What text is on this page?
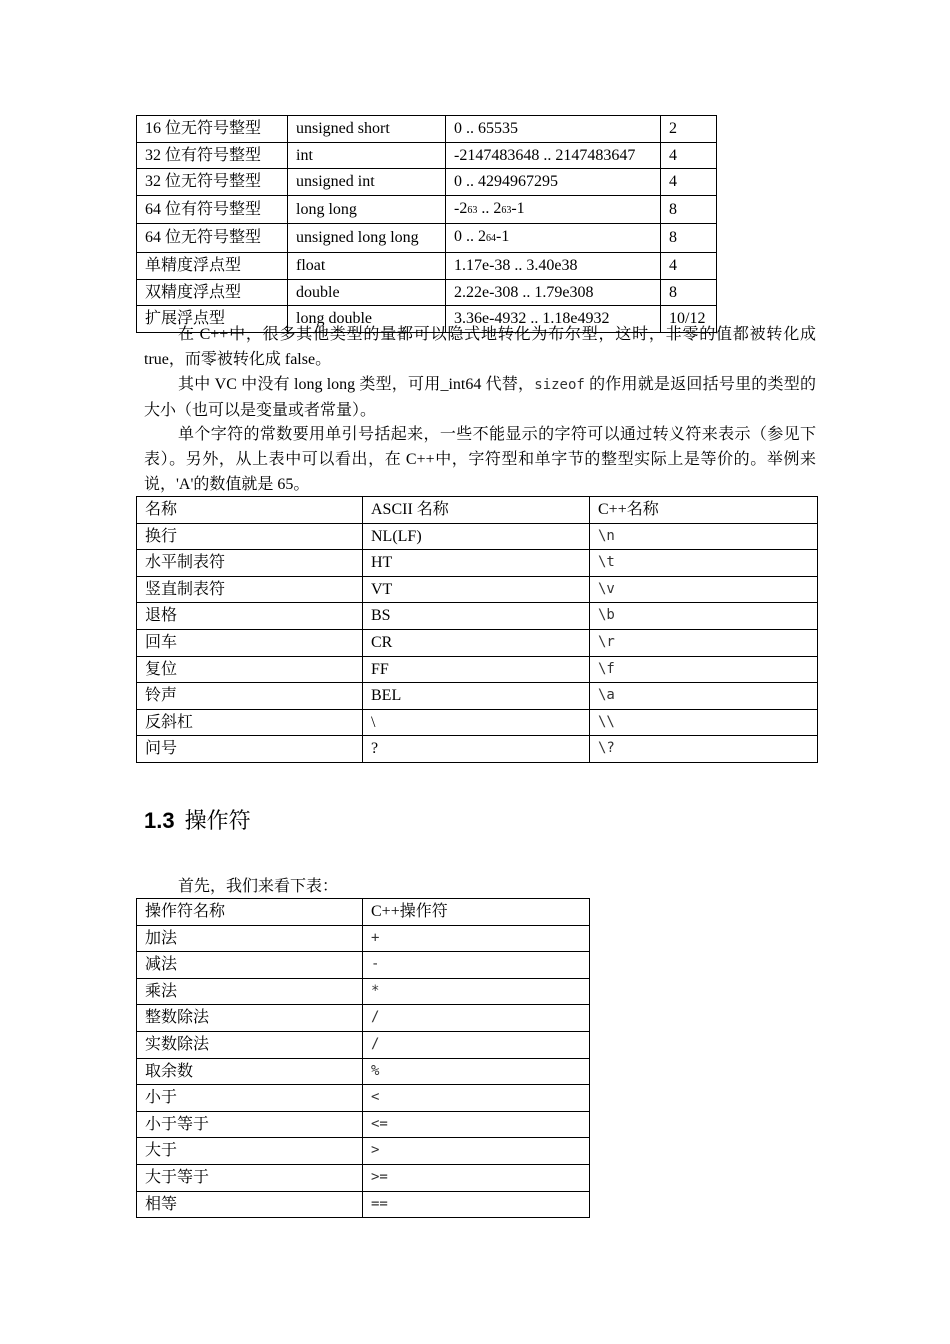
16 位无符号整型	unsigned short	0 .. 65535	2
32 位有符号整型	int	-2147483648 .. 2147483647	4
32 位无符号整型	unsigned int	0 .. 4294967295	4
64 位有符号整型	long long	-263 .. 263-1	8
64 位无符号整型	unsigned long long	0 .. 264-1	8
单精度浮点型	float	1.17e-38 .. 3.40e38	4
双精度浮点型	double	2.22e-308 .. 1.79e308	8
扩展浮点型	long double	3.36e-4932 .. 1.18e4932	10/12

在 C++中，很多其他类型的量都可以隐式地转化为布尔型，这时，非零的值都被转化成 true，而零被转化成 false。

其中 VC 中没有 long long 类型，可用_int64 代替，sizeof 的作用就是返回括号里的类型的大小（也可以是变量或者常量）。

单个字符的常数要用单引号括起来，一些不能显示的字符可以通过转义符来表示（参见下表）。另外，从上表中可以看出，在 C++中，字符型和单字节的整型实际上是等价的。举例来说，'A'的数值就是 65。

名称	ASCII 名称	C++名称
换行	NL(LF)	\n
水平制表符	HT	\t
竖直制表符	VT	\v
退格	BS	\b
回车	CR	\r
复位	FF	\f
铃声	BEL	\a
反斜杠	\	\\
问号	?	\?
1.3 操作符

首先，我们来看下表：

操作符名称	C++操作符
加法	+
减法	-
乘法	*
整数除法	/
实数除法	/
取余数	%
小于	<
小于等于	<=
大于	>
大于等于	>=
相等	==
